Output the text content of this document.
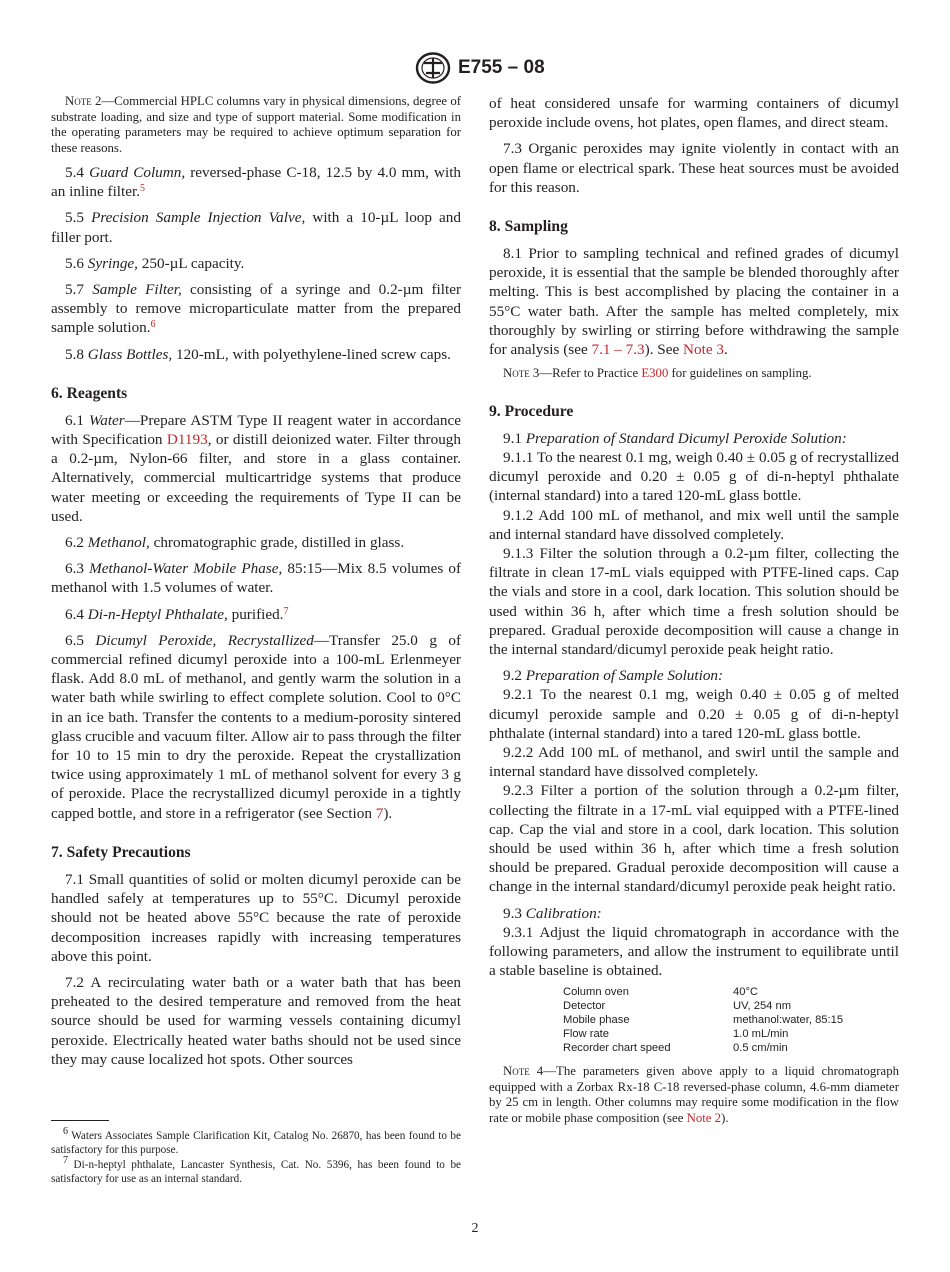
E755 – 08

Note 2—Commercial HPLC columns vary in physical dimensions, degree of substrate loading, and size and type of support material. Some modification in the operating parameters may be required to achieve optimum separation for these reasons.

5.4 Guard Column, reversed-phase C-18, 12.5 by 4.0 mm, with an inline filter.$^5$

5.5 Precision Sample Injection Valve, with a 10-µL loop and filler port.

5.6 Syringe, 250-µL capacity.

5.7 Sample Filter, consisting of a syringe and 0.2-µm filter assembly to remove microparticulate matter from the prepared sample solution.$^6$

5.8 Glass Bottles, 120-mL, with polyethylene-lined screw caps.

6. Reagents

6.1 Water—Prepare ASTM Type II reagent water in accordance with Specification D1193, or distill deionized water. Filter through a 0.2-µm, Nylon-66 filter, and store in a glass container. Alternatively, commercial multicartridge systems that produce water meeting or exceeding the requirements of Type II can be used.

6.2 Methanol, chromatographic grade, distilled in glass.

6.3 Methanol-Water Mobile Phase, 85:15—Mix 8.5 volumes of methanol with 1.5 volumes of water.

6.4 Di-n-Heptyl Phthalate, purified.$^7$

6.5 Dicumyl Peroxide, Recrystallized—Transfer 25.0 g of commercial refined dicumyl peroxide into a 100-mL Erlenmeyer flask. Add 8.0 mL of methanol, and gently warm the solution in a water bath while swirling to effect complete solution. Cool to 0°C in an ice bath. Transfer the contents to a medium-porosity sintered glass crucible and vacuum filter. Allow air to pass through the filter for 10 to 15 min to dry the peroxide. Repeat the crystallization twice using approximately 1 mL of methanol solvent for every 3 g of peroxide. Place the recrystallized dicumyl peroxide in a tightly capped bottle, and store in a refrigerator (see Section 7).

7. Safety Precautions

7.1 Small quantities of solid or molten dicumyl peroxide can be handled safely at temperatures up to 55°C. Dicumyl peroxide should not be heated above 55°C because the rate of peroxide decomposition increases rapidly with increasing temperatures above this point.

7.2 A recirculating water bath or a water bath that has been preheated to the desired temperature and removed from the heat source should be used for warming vessels containing dicumyl peroxide. Electrically heated water baths should not be used since they may cause localized hot spots. Other sources

of heat considered unsafe for warming containers of dicumyl peroxide include ovens, hot plates, open flames, and direct steam.

7.3 Organic peroxides may ignite violently in contact with an open flame or electrical spark. These heat sources must be avoided for this reason.

8. Sampling

8.1 Prior to sampling technical and refined grades of dicumyl peroxide, it is essential that the sample be blended thoroughly after melting. This is best accomplished by placing the container in a 55°C water bath. After the sample has melted completely, mix thoroughly by swirling or stirring before withdrawing the sample for analysis (see 7.1 – 7.3). See Note 3.

Note 3—Refer to Practice E300 for guidelines on sampling.

9. Procedure

9.1 Preparation of Standard Dicumyl Peroxide Solution:

9.1.1 To the nearest 0.1 mg, weigh 0.40 ± 0.05 g of recrystallized dicumyl peroxide and 0.20 ± 0.05 g of di-n-heptyl phthalate (internal standard) into a tared 120-mL glass bottle.

9.1.2 Add 100 mL of methanol, and mix well until the sample and internal standard have dissolved completely.

9.1.3 Filter the solution through a 0.2-µm filter, collecting the filtrate in clean 17-mL vials equipped with PTFE-lined caps. Cap the vials and store in a cool, dark location. This solution should be used within 36 h, after which time a fresh solution should be prepared. Gradual peroxide decomposition will cause a change in the internal standard/dicumyl peroxide peak height ratio.

9.2 Preparation of Sample Solution:

9.2.1 To the nearest 0.1 mg, weigh 0.40 ± 0.05 g of melted dicumyl peroxide sample and 0.20 ± 0.05 g of di-n-heptyl phthalate (internal standard) into a tared 120-mL glass bottle.

9.2.2 Add 100 mL of methanol, and swirl until the sample and internal standard have dissolved completely.

9.2.3 Filter a portion of the solution through a 0.2-µm filter, collecting the filtrate in a 17-mL vial equipped with a PTFE-lined cap. Cap the vial and store in a cool, dark location. This solution should be used within 36 h, after which time a fresh solution should be prepared. Gradual peroxide decomposition will cause a change in the internal standard/dicumyl peroxide peak height ratio.

9.3 Calibration:

9.3.1 Adjust the liquid chromatograph in accordance with the following parameters, and allow the instrument to equilibrate until a stable baseline is obtained.

Column oven	40°C
Detector	UV, 254 nm
Mobile phase	methanol:water, 85:15
Flow rate	1.0 mL/min
Recorder chart speed	0.5 cm/min

Note 4—The parameters given above apply to a liquid chromatograph equipped with a Zorbax Rx-18 C-18 reversed-phase column, 4.6-mm diameter by 25 cm in length. Other columns may require some modification in the flow rate or mobile phase composition (see Note 2).

$^6$ Waters Associates Sample Clarification Kit, Catalog No. 26870, has been found to be satisfactory for this purpose.

$^7$ Di-n-heptyl phthalate, Lancaster Synthesis, Cat. No. 5396, has been found to be satisfactory for use as an internal standard.

2
